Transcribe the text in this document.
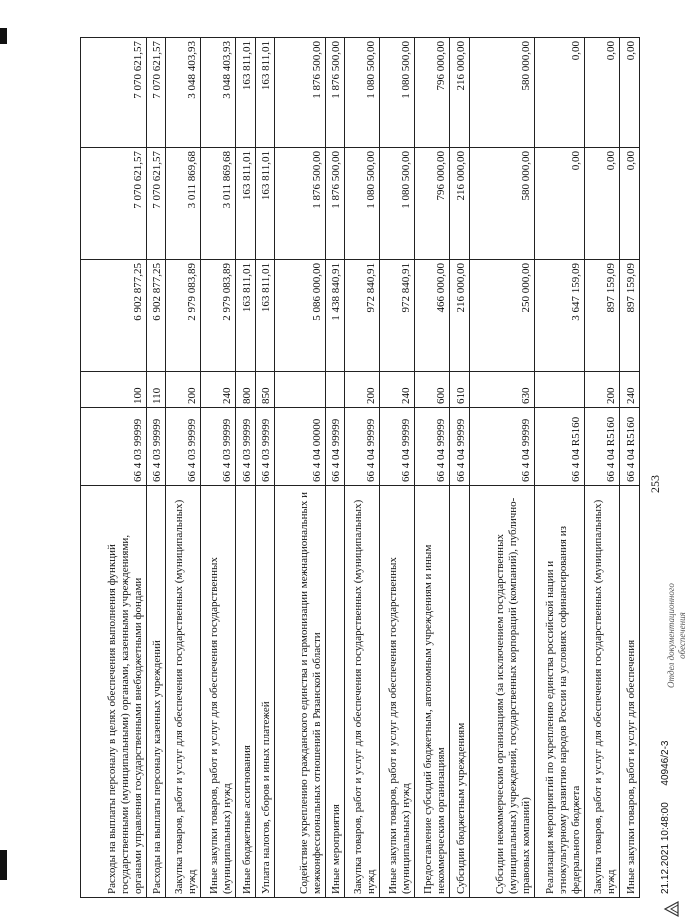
Расходы на выплаты персоналу в целях обеспечения выполнения функций государственными (муниципальными) органами, казенными учреждениями, органами управления государственными внебюджетными фондами	66 4 03 99999	100	6 902 877,25	7 070 621,57	7 070 621,57
Расходы на выплаты персоналу казенных учреждений	66 4 03 99999	110	6 902 877,25	7 070 621,57	7 070 621,57
Закупка товаров, работ и услуг для обеспечения государственных (муниципальных) нужд	66 4 03 99999	200	2 979 083,89	3 011 869,68	3 048 403,93
Иные закупки товаров, работ и услуг для обеспечения государственных (муниципальных) нужд	66 4 03 99999	240	2 979 083,89	3 011 869,68	3 048 403,93
Иные бюджетные ассигнования	66 4 03 99999	800	163 811,01	163 811,01	163 811,01
Уплата налогов, сборов и иных платежей	66 4 03 99999	850	163 811,01	163 811,01	163 811,01
Содействие укреплению гражданского единства и гармонизации межнациональных и межконфессиональных отношений в Рязанской области	66 4 04 00000		5 086 000,00	1 876 500,00	1 876 500,00
Иные мероприятия	66 4 04 99999		1 438 840,91	1 876 500,00	1 876 500,00
Закупка товаров, работ и услуг для обеспечения государственных (муниципальных) нужд	66 4 04 99999	200	972 840,91	1 080 500,00	1 080 500,00
Иные закупки товаров, работ и услуг для обеспечения государственных (муниципальных) нужд	66 4 04 99999	240	972 840,91	1 080 500,00	1 080 500,00
Предоставление субсидий бюджетным, автономным учреждениям и иным некоммерческим организациям	66 4 04 99999	600	466 000,00	796 000,00	796 000,00
Субсидии бюджетным учреждениям	66 4 04 99999	610	216 000,00	216 000,00	216 000,00
Субсидии некоммерческим организациям (за исключением государственных (муниципальных) учреждений, государственных корпораций (компаний), публично-правовых компаний)	66 4 04 99999	630	250 000,00	580 000,00	580 000,00
Реализация мероприятий по укреплению единства российской нации и этнокультурному развитию народов России на условиях софинансирования из федерального бюджета	66 4 04 R5160		3 647 159,09	0,00	0,00
Закупка товаров, работ и услуг для обеспечения государственных (муниципальных) нужд	66 4 04 R5160	200	897 159,09	0,00	0,00
Иные закупки товаров, работ и услуг для обеспечения	66 4 04 R5160	240	897 159,09	0,00	0,00
253
21.12.2021 10:48:00      40946/2-3
Отдел документационного обеспечения
